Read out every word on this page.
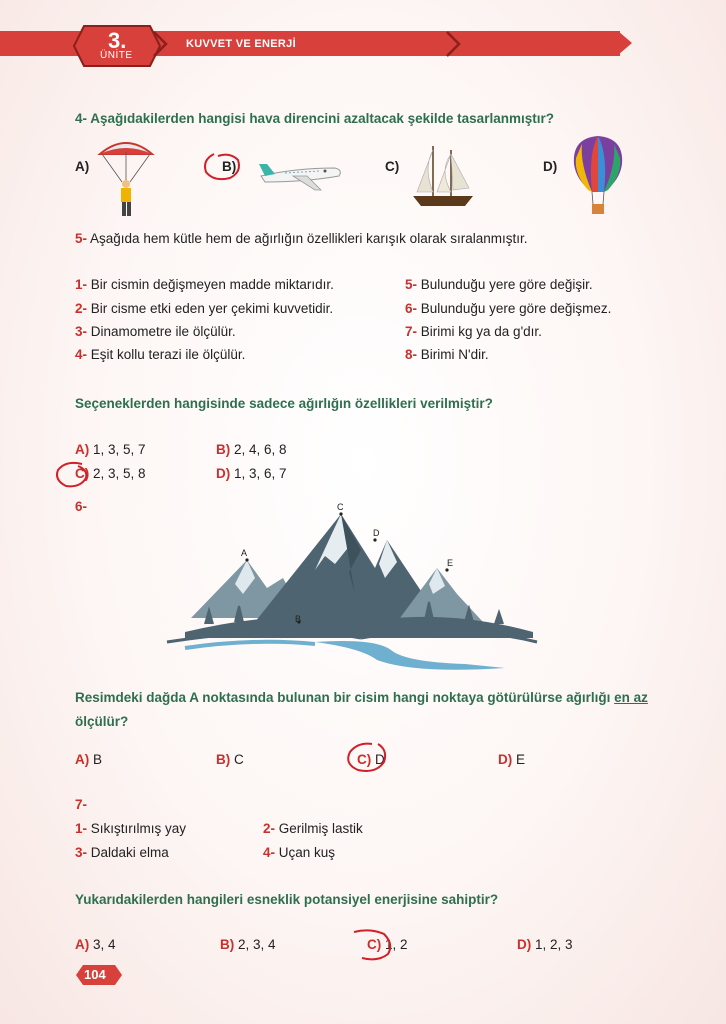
3.
ÜNİTE
KUVVET VE ENERJİ
4- Aşağıdakilerden hangisi hava direncini azaltacak şekilde tasarlanmıştır?
A)	B)	C)	D)
5- Aşağıda hem kütle hem de ağırlığın özellikleri karışık olarak sıralanmıştır.
1- Bir cismin değişmeyen madde miktarıdır.
2- Bir cisme etki eden yer çekimi kuvvetidir.
3- Dinamometre ile ölçülür.
4- Eşit kollu terazi ile ölçülür.
5- Bulunduğu yere göre değişir.
6- Bulunduğu yere göre değişmez.
7- Birimi kg ya da g'dır.
8- Birimi N'dir.
Seçeneklerden hangisinde sadece ağırlığın özellikleri verilmiştir?
A) 1, 3, 5, 7	B) 2, 4, 6, 8
C) 2, 3, 5, 8	D) 1, 3, 6, 7
6-
A
B
C
D
E
Resimdeki dağda A noktasında bulunan bir cisim hangi noktaya götürülürse ağırlığı en az ölçülür?
A) B	B) C	C) D	D) E
7-
1- Sıkıştırılmış yay	2- Gerilmiş lastik
3- Daldaki elma	4- Uçan kuş
Yukarıdakilerden hangileri esneklik potansiyel enerjisine sahiptir?
A) 3, 4	B) 2, 3, 4	C) 1, 2	D) 1, 2, 3
104
